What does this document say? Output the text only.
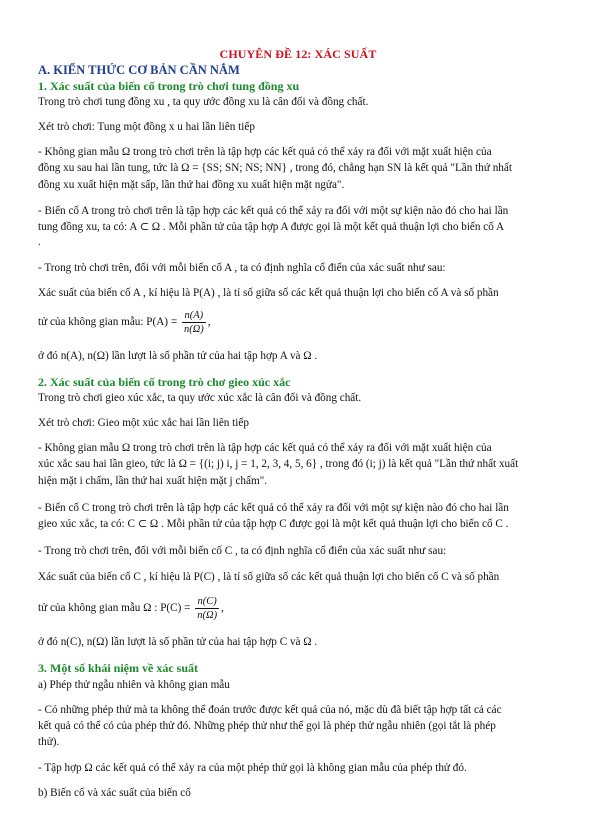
CHUYÊN ĐỀ 12: XÁC SUẤT
A. KIẾN THỨC CƠ BẢN CẦN NẮM
1. Xác suất của biến cố trong trò chơi tung đồng xu
Trong trò chơi tung đồng xu , ta quy ước đồng xu là cân đối và đồng chất.
Xét trò chơi: Tung một đồng x u hai lần liên tiếp
- Không gian mẫu Ω trong trò chơi trên là tập hợp các kết quả có thể xảy ra đối với mặt xuất hiện của
đồng xu sau hai lần tung, tức là Ω = {SS; SN; NS; NN} , trong đó, chẳng hạn SN là kết quả "Lần thứ nhất
đồng xu xuất hiện mặt sấp, lần thứ hai đồng xu xuất hiện mặt ngửa".
- Biến cố A trong trò chơi trên là tập hợp các kết quả có thể xảy ra đối với một sự kiện nào đó cho hai lần
tung đồng xu, ta có: A ⊂ Ω . Mỗi phần tử của tập hợp A được gọi là một kết quả thuận lợi cho biến cố A
.
- Trong trò chơi trên, đối với mỗi biến cố A , ta có định nghĩa cổ điển của xác suất như sau:
Xác suất của biến cố A , kí hiệu là P(A) , là tỉ số giữa số các kết quả thuận lợi cho biến cố A và số phần
tử của không gian mẫu: $P(A) = \frac{n(A)}{n(\Omega)}$ ,
ở đó n(A), n(Ω) lần lượt là số phần tử của hai tập hợp A và Ω .
2. Xác suất của biến cố trong trò chơ gieo xúc xắc
Trong trò chơi gieo xúc xắc, ta quy ước xúc xắc là cân đối và đồng chất.
Xét trò chơi: Gieo một xúc xắc hai lần liên tiếp
- Không gian mẫu Ω trong trò chơi trên là tập hợp các kết quả có thể xảy ra đối với mặt xuất hiện của
xúc xắc sau hai lần gieo, tức là Ω = {(i; j) i, j = 1, 2, 3, 4, 5, 6} , trong đó (i; j) là kết quả "Lần thứ nhất xuất
hiện mặt i chấm, lần thứ hai xuất hiện mặt j chấm".
- Biến cố C trong trò chơi trên là tập hợp các kết quả có thể xảy ra đối với một sự kiện nào đó cho hai lần
gieo xúc xắc, ta có: C ⊂ Ω . Mỗi phần tử của tập hợp C được gọi là một kết quả thuận lợi cho biến cố C .
- Trong trò chơi trên, đối với mỗi biến cố C , ta có định nghĩa cổ điển của xác suất như sau:
Xác suất của biến cố C , kí hiệu là P(C) , là tỉ số giữa số các kết quả thuận lợi cho biến cố C và số phần
tử của không gian mẫu Ω : $P(C) = \frac{n(C)}{n(\Omega)}$ ,
ở đó n(C), n(Ω) lần lượt là số phần tử của hai tập hợp C và Ω .
3. Một số khái niệm về xác suất
a) Phép thử ngẫu nhiên và không gian mẫu
- Có những phép thử mà ta không thể đoán trước được kết quả của nó, mặc dù đã biết tập hợp tất cả các
kết quả có thể có của phép thử đó. Những phép thử như thế gọi là phép thử ngẫu nhiên (gọi tắt là phép
thử).
- Tập hợp Ω các kết quả có thể xảy ra của một phép thử gọi là không gian mẫu của phép thử đó.
b) Biến cố và xác suất của biến cố
